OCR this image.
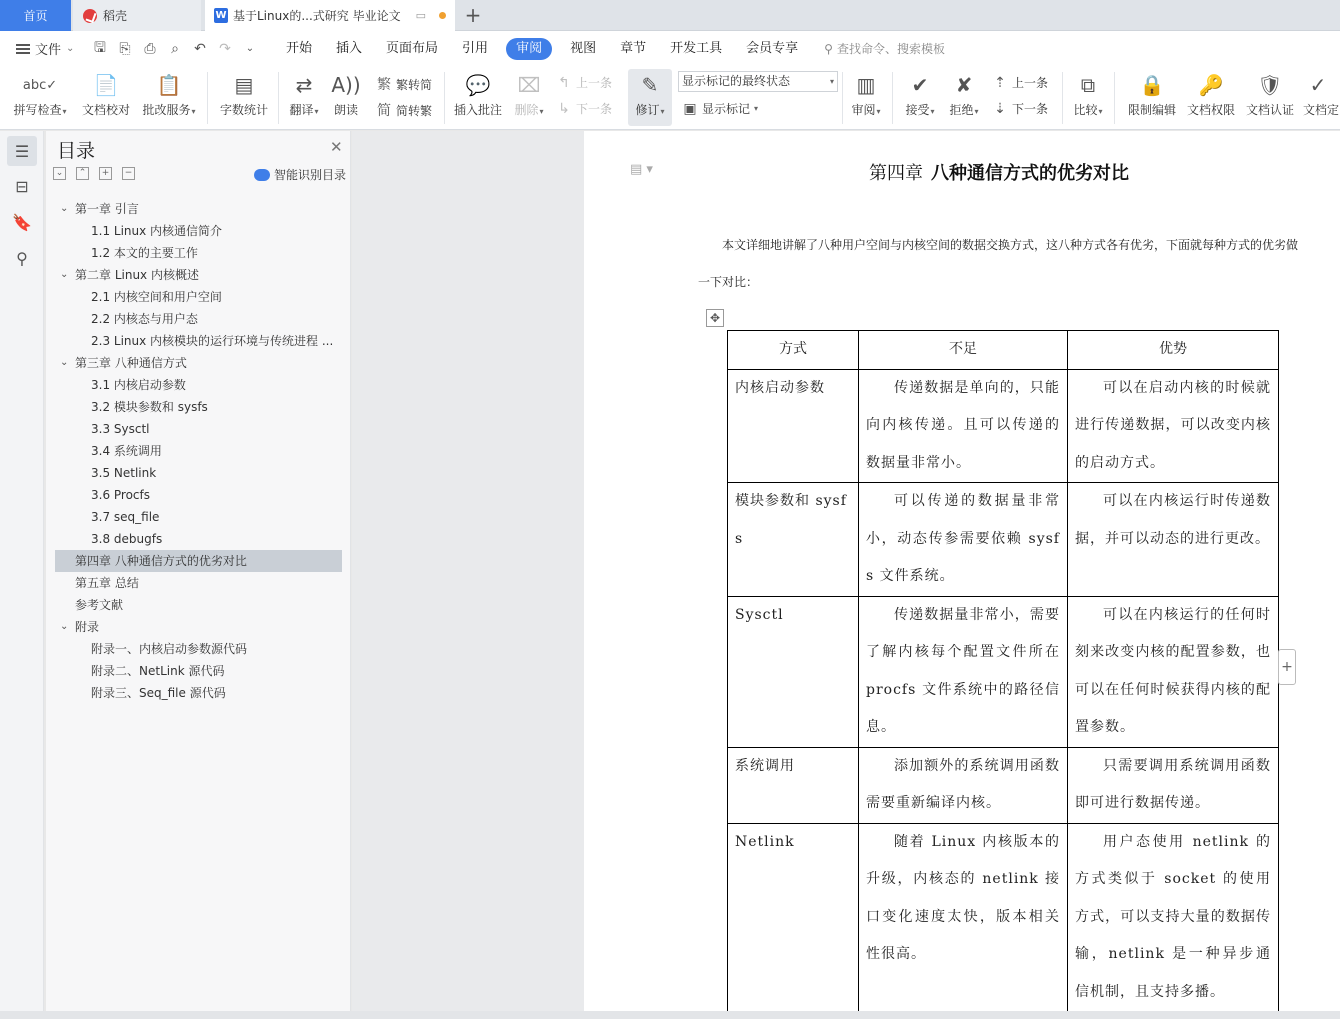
首页	稻壳	W 基于Linux的...式研究 毕业论文 ▭ +
文件 ⌄ 🖫 ⎘ ⎙ ⌕ ↶ ↷	⌄	开始	插入	页面布局	引用	审阅	视图	章节	开发工具	会员专享	⚲ 查找命令、搜索模板
abc✓
拼写检查▾
📄
文档校对
📋
批改服务▾
▤
字数统计
⇄
翻译▾
A))
朗读
繁 繁转简
简 简转繁
💬
插入批注
⌧
删除▾
↰ 上一条
↳ 下一条
✎
修订▾
显示标记的最终状态	▾
▣ 显示标记 ▾
▥
审阅▾
✔
接受▾
✘
拒绝▾
⇡ 上一条
⇣ 下一条
⧉
比较▾
🔒
限制编辑
🔑
文档权限
🛡
文档认证
✓
文档定
☰
⊟
🔖
⚲
目录	✕
⌄	⌃	+	−	智能识别目录
⌄ 第一章 引言
1.1 Linux 内核通信简介
1.2 本文的主要工作
⌄ 第二章 Linux 内核概述
2.1 内核空间和用户空间
2.2 内核态与用户态
2.3 Linux 内核模块的运行环境与传统进程 ...
⌄ 第三章 八种通信方式
3.1 内核启动参数
3.2 模块参数和 sysfs
3.3 Sysctl
3.4 系统调用
3.5 Netlink
3.6 Procfs
3.7 seq_file
3.8 debugfs
第四章 八种通信方式的优劣对比
第五章 总结
参考文献
⌄ 附录
附录一、内核启动参数源代码
附录二、NetLink 源代码
附录三、Seq_file 源代码
▤ ▾	第四章 八种通信方式的优劣对比
本文详细地讲解了八种用户空间与内核空间的数据交换方式，这八种方式各有优劣，下面就每种方式的优劣做一下对比：
✥
方式	不足	优势
内核启动参数	传递数据是单向的，只能向内核传递。且可以传递的数据量非常小。	可以在启动内核的时候就进行传递数据，可以改变内核的启动方式。
模块参数和 sysfs	可以传递的数据量非常小，动态传参需要依赖 sysfs 文件系统。	可以在内核运行时传递数据，并可以动态的进行更改。
Sysctl	传递数据量非常小，需要了解内核每个配置文件所在 procfs 文件系统中的路径信息。	可以在内核运行的任何时刻来改变内核的配置参数，也可以在任何时候获得内核的配置参数。
系统调用	添加额外的系统调用函数需要重新编译内核。	只需要调用系统调用函数即可进行数据传递。
Netlink	随着 Linux 内核版本的升级，内核态的 netlink 接口变化速度太快，版本相关性很高。	用户态使用 netlink 的方式类似于 socket 的使用方式，可以支持大量的数据传输，netlink 是一种异步通信机制，且支持多播。
+
